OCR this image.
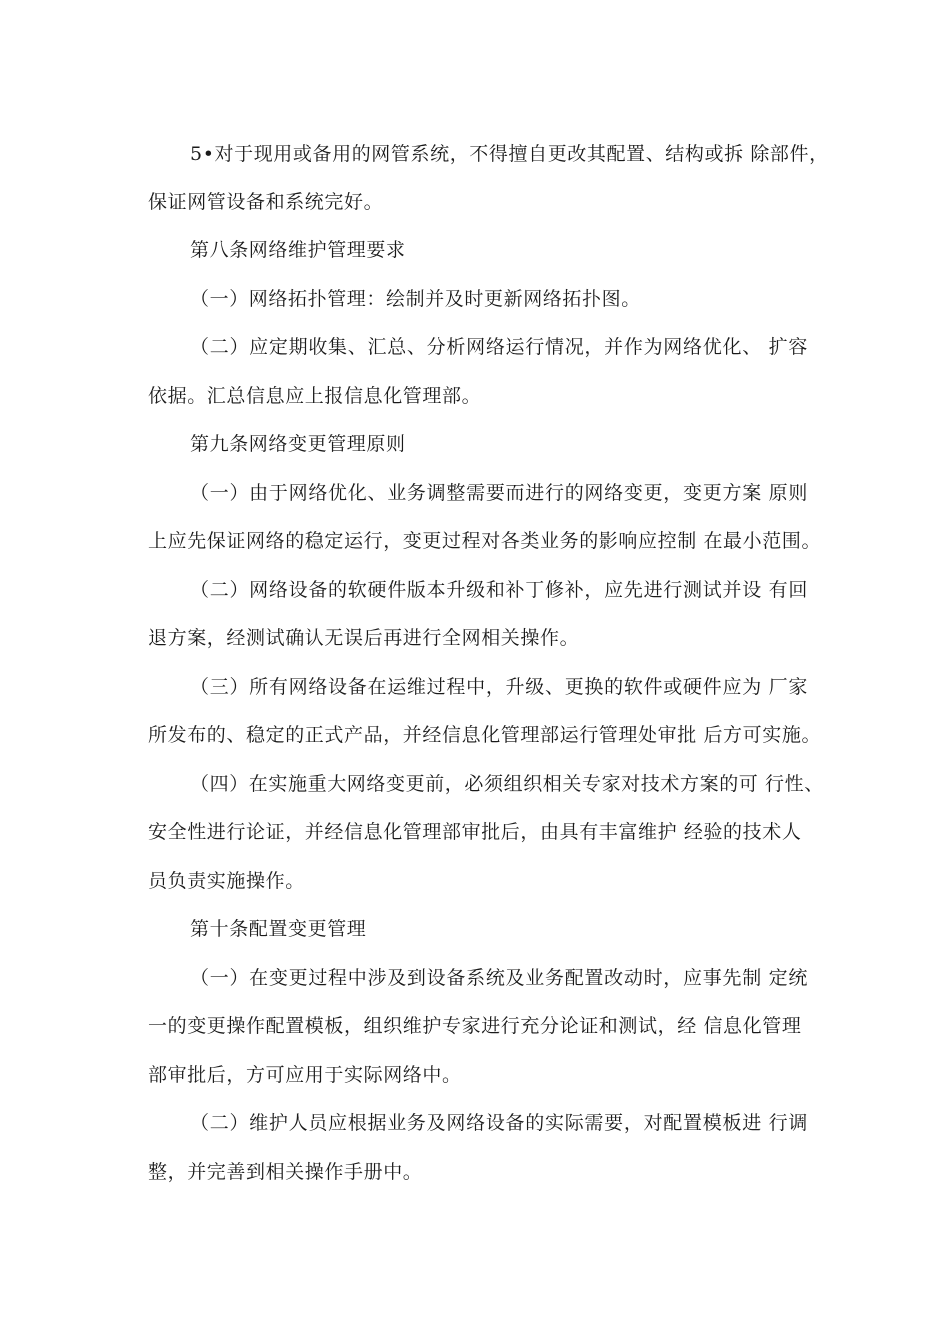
5•对于现用或备用的网管系统，不得擅自更改其配置、结构或拆 除部件，
保证网管设备和系统完好。
第八条网络维护管理要求
（一）网络拓扑管理：绘制并及时更新网络拓扑图。
（二）应定期收集、汇总、分析网络运行情况，并作为网络优化、 扩容
依据。汇总信息应上报信息化管理部。
第九条网络变更管理原则
（一）由于网络优化、业务调整需要而进行的网络变更，变更方案 原则
上应先保证网络的稳定运行，变更过程对各类业务的影响应控制 在最小范围。
（二）网络设备的软硬件版本升级和补丁修补，应先进行测试并设 有回
退方案，经测试确认无误后再进行全网相关操作。
（三）所有网络设备在运维过程中，升级、更换的软件或硬件应为 厂家
所发布的、稳定的正式产品，并经信息化管理部运行管理处审批 后方可实施。
（四）在实施重大网络变更前，必须组织相关专家对技术方案的可 行性、
安全性进行论证，并经信息化管理部审批后，由具有丰富维护 经验的技术人
员负责实施操作。
第十条配置变更管理
（一）在变更过程中涉及到设备系统及业务配置改动时，应事先制 定统
一的变更操作配置模板，组织维护专家进行充分论证和测试，经 信息化管理
部审批后，方可应用于实际网络中。
（二）维护人员应根据业务及网络设备的实际需要，对配置模板进 行调
整，并完善到相关操作手册中。
